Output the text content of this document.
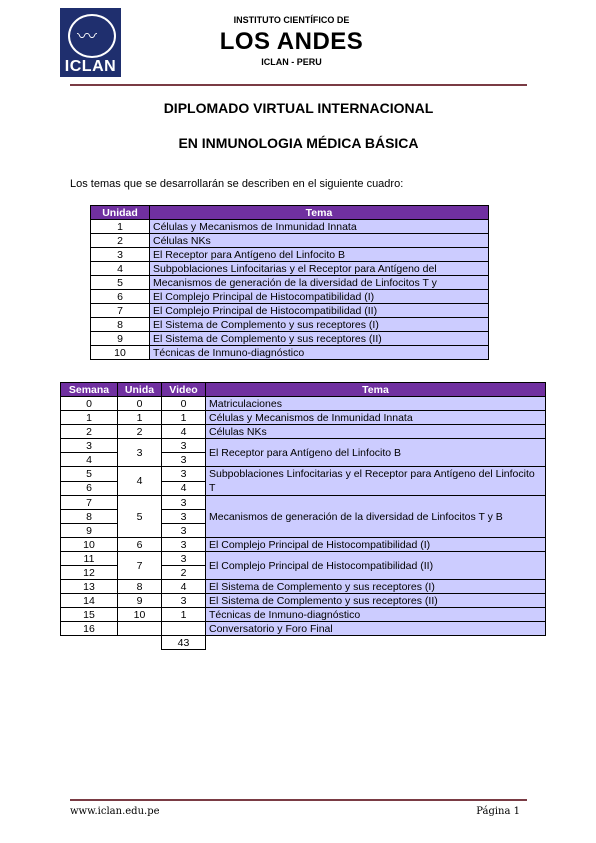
〰
ICLAN
INSTITUTO CIENTÍFICO DE
LOS ANDES
ICLAN - PERU
DIPLOMADO VIRTUAL INTERNACIONAL
EN INMUNOLOGIA MÉDICA BÁSICA
Los temas que se desarrollarán se describen en el siguiente cuadro:
Unidad	Tema
1	Células y Mecanismos de Inmunidad Innata
2	Células NKs
3	El Receptor para Antígeno del Linfocito B
4	Subpoblaciones Linfocitarias y el Receptor para Antígeno del
5	Mecanismos de generación de la diversidad de Linfocitos T y
6	El Complejo Principal de Histocompatibilidad (I)
7	El Complejo Principal de Histocompatibilidad (II)
8	El Sistema de Complemento y sus receptores (I)
9	El Sistema de Complemento y sus receptores (II)
10	Técnicas de Inmuno-diagnóstico
Semana	Unida	Video	Tema
0	0	0	Matriculaciones
1	1	1	Células y Mecanismos de Inmunidad Innata
2	2	4	Células NKs
3	3	3	El Receptor para Antígeno del Linfocito B
4		3	
5	4	3	Subpoblaciones Linfocitarias y el Receptor para Antígeno del Linfocito T
6		4	
7	5	3	Mecanismos de generación de la diversidad de Linfocitos T y B
8		3	
9		3	
10	6	3	El Complejo Principal de Histocompatibilidad (I)
11	7	3	El Complejo Principal de Histocompatibilidad (II)
12		2	
13	8	4	El Sistema de Complemento y sus receptores (I)
14	9	3	El Sistema de Complemento y sus receptores (II)
15	10	1	Técnicas de Inmuno-diagnóstico
16			Conversatorio y Foro Final
		43	
www.iclan.edu.pe	Página 1
